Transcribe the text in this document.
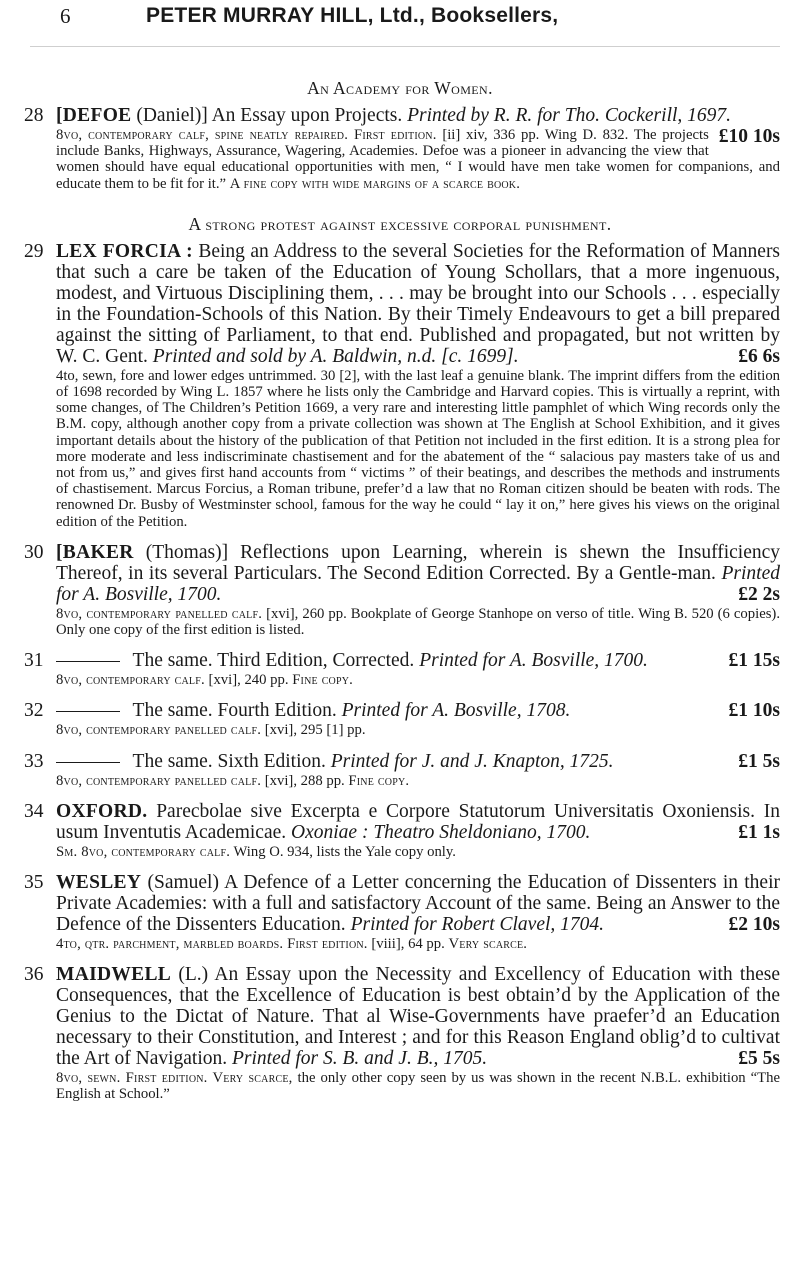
6	PETER MURRAY HILL, Ltd., Booksellers,
An Academy for Women.
28 [DEFOE (Daniel)] An Essay upon Projects. Printed by R. R. for Tho. Cockerill, 1697.
£10 10s
8vo, contemporary calf, spine neatly repaired. First edition. [ii] xiv, 336 pp. Wing D. 832. The projects include Banks, Highways, Assurance, Wagering, Academies. Defoe was a pioneer in advancing the view that women should have equal educational opportunities with men, “ I would have men take women for companions, and educate them to be fit for it.” A fine copy with wide margins of a scarce book.
A strong protest against excessive corporal punishment.
29 LEX FORCIA : Being an Address to the several Societies for the Reformation of Manners that such a care be taken of the Education of Young Schollars, that a more ingenuous, modest, and Virtuous Disciplining them, . . . may be brought into our Schools . . . especially in the Foundation-Schools of this Nation. By their Timely Endeavours to get a bill prepared against the sitting of Parliament, to that end. Published and propagated, but not written by W. C. Gent. Printed and sold by A. Baldwin, n.d. [c. 1699].	£6 6s
4to, sewn, fore and lower edges untrimmed. 30 [2], with the last leaf a genuine blank. The imprint differs from the edition of 1698 recorded by Wing L. 1857 where he lists only the Cambridge and Harvard copies. This is virtually a reprint, with some changes, of The Children’s Petition 1669, a very rare and interesting little pamphlet of which Wing records only the B.M. copy, although another copy from a private collection was shown at The English at School Exhibition, and it gives important details about the history of the publication of that Petition not included in the first edition. It is a strong plea for more moderate and less indiscriminate chastisement and for the abatement of the “ salacious pay masters take of us and not from us,” and gives first hand accounts from “ victims ” of their beatings, and describes the methods and instruments of chastisement. Marcus Forcius, a Roman tribune, prefer’d a law that no Roman citizen should be beaten with rods. The renowned Dr. Busby of Westminster school, famous for the way he could “ lay it on,” here gives his views on the original edition of the Petition.
30 [BAKER (Thomas)] Reflections upon Learning, wherein is shewn the Insufficiency Thereof, in its several Particulars. The Second Edition Corrected. By a Gentle-man. Printed for A. Bosville, 1700.	£2 2s
8vo, contemporary panelled calf. [xvi], 260 pp. Bookplate of George Stanhope on verso of title. Wing B. 520 (6 copies). Only one copy of the first edition is listed.
31	The same. Third Edition, Corrected. Printed for A. Bosville, 1700.	£1 15s
8vo, contemporary calf. [xvi], 240 pp. Fine copy.
32	The same. Fourth Edition. Printed for A. Bosville, 1708.	£1 10s
8vo, contemporary panelled calf. [xvi], 295 [1] pp.
33	The same. Sixth Edition. Printed for J. and J. Knapton, 1725.	£1 5s
8vo, contemporary panelled calf. [xvi], 288 pp. Fine copy.
34 OXFORD. Parecbolae sive Excerpta e Corpore Statutorum Universitatis Oxoniensis. In usum Inventutis Academicae. Oxoniae : Theatro Sheldoniano, 1700.	£1 1s
Sm. 8vo, contemporary calf. Wing O. 934, lists the Yale copy only.
35 WESLEY (Samuel) A Defence of a Letter concerning the Education of Dissenters in their Private Academies: with a full and satisfactory Account of the same. Being an Answer to the Defence of the Dissenters Education. Printed for Robert Clavel, 1704.	£2 10s
4to, qtr. parchment, marbled boards. First edition. [viii], 64 pp. Very scarce.
36 MAIDWELL (L.) An Essay upon the Necessity and Excellency of Education with these Consequences, that the Excellence of Education is best obtain’d by the Application of the Genius to the Dictat of Nature. That al Wise-Governments have praefer’d an Education necessary to their Constitution, and Interest ; and for this Reason England oblig’d to cultivat the Art of Navigation. Printed for S. B. and J. B., 1705.	£5 5s
8vo, sewn. First edition. Very scarce, the only other copy seen by us was shown in the recent N.B.L. exhibition “The English at School.”
